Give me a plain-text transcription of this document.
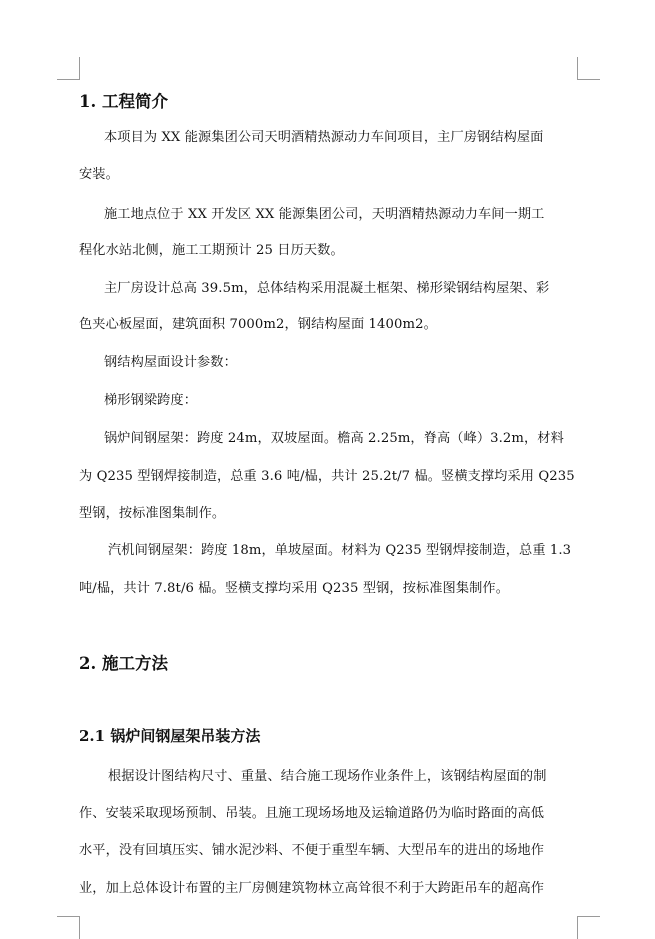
1. 工程简介
本项目为 XX 能源集团公司天明酒精热源动力车间项目，主厂房钢结构屋面
安装。
施工地点位于 XX 开发区 XX 能源集团公司，天明酒精热源动力车间一期工
程化水站北侧，施工工期预计 25 日历天数。
主厂房设计总高 39.5m，总体结构采用混凝土框架、梯形梁钢结构屋架、彩
色夹心板屋面，建筑面积 7000m2，钢结构屋面 1400m2。
钢结构屋面设计参数：
梯形钢梁跨度：
锅炉间钢屋架：跨度 24m，双坡屋面。檐高 2.25m，脊高（峰）3.2m，材料
为 Q235 型钢焊接制造，总重 3.6 吨/榀，共计 25.2t/7 榀。竖横支撑均采用 Q235
型钢，按标准图集制作。
汽机间钢屋架：跨度 18m，单坡屋面。材料为 Q235 型钢焊接制造，总重 1.3
吨/榀，共计 7.8t/6 榀。竖横支撑均采用 Q235 型钢，按标准图集制作。
2. 施工方法
2.1 锅炉间钢屋架吊装方法
根据设计图结构尺寸、重量、结合施工现场作业条件上，该钢结构屋面的制
作、安装采取现场预制、吊装。且施工现场场地及运输道路仍为临时路面的高低
水平，没有回填压实、铺水泥沙料、不便于重型车辆、大型吊车的进出的场地作
业，加上总体设计布置的主厂房侧建筑物林立高耸很不利于大跨距吊车的超高作
